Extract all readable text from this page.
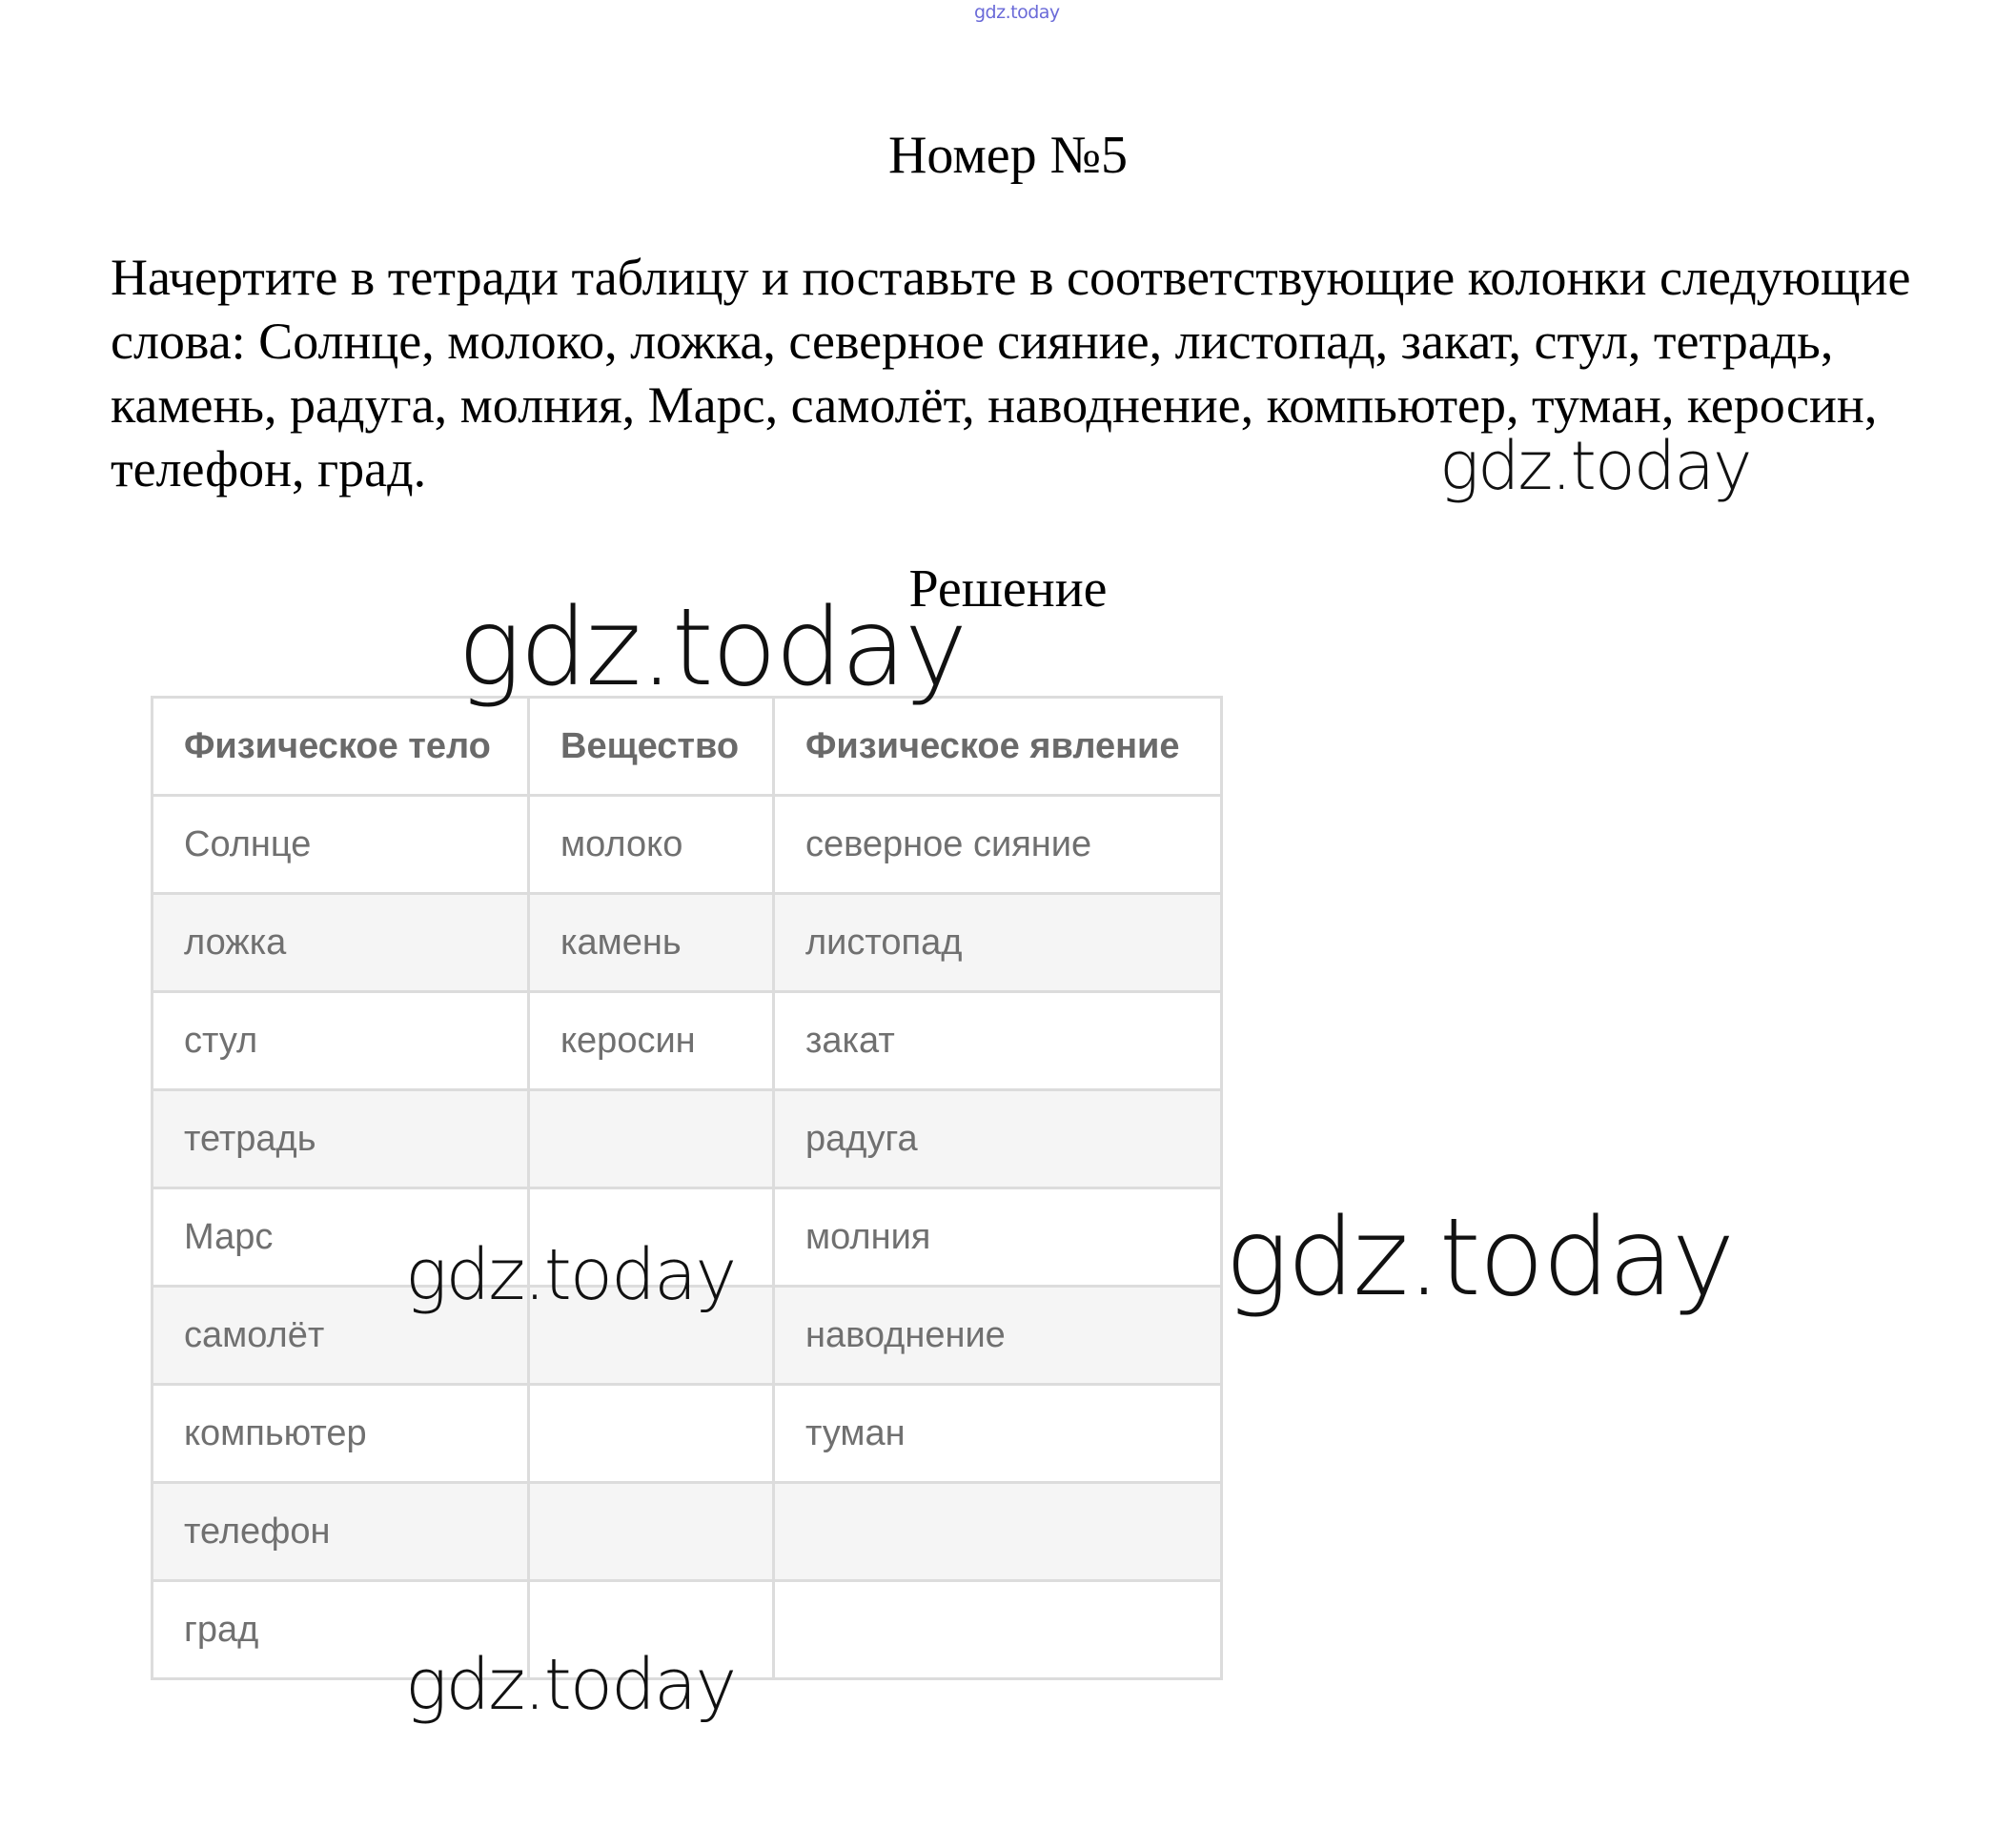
gdz.today
Номер №5

Начертите в тетради таблицу и поставьте в соответствующие колонки следующие слова: Солнце, молоко, ложка, северное сияние, листопад, закат, стул, тетрадь, камень, радуга, молния, Марс, самолёт, наводнение, компьютер, туман, керосин, телефон, град.

Решение
Физическое тело	Вещество	Физическое явление
Солнце	молоко	северное сияние
ложка	камень	листопад
стул	керосин	закат
тетрадь		радуга
Марс		молния
самолёт		наводнение
компьютер		туман
телефон		
град		
gdz.today
gdz.today
gdz.today
gdz.today
gdz.today
